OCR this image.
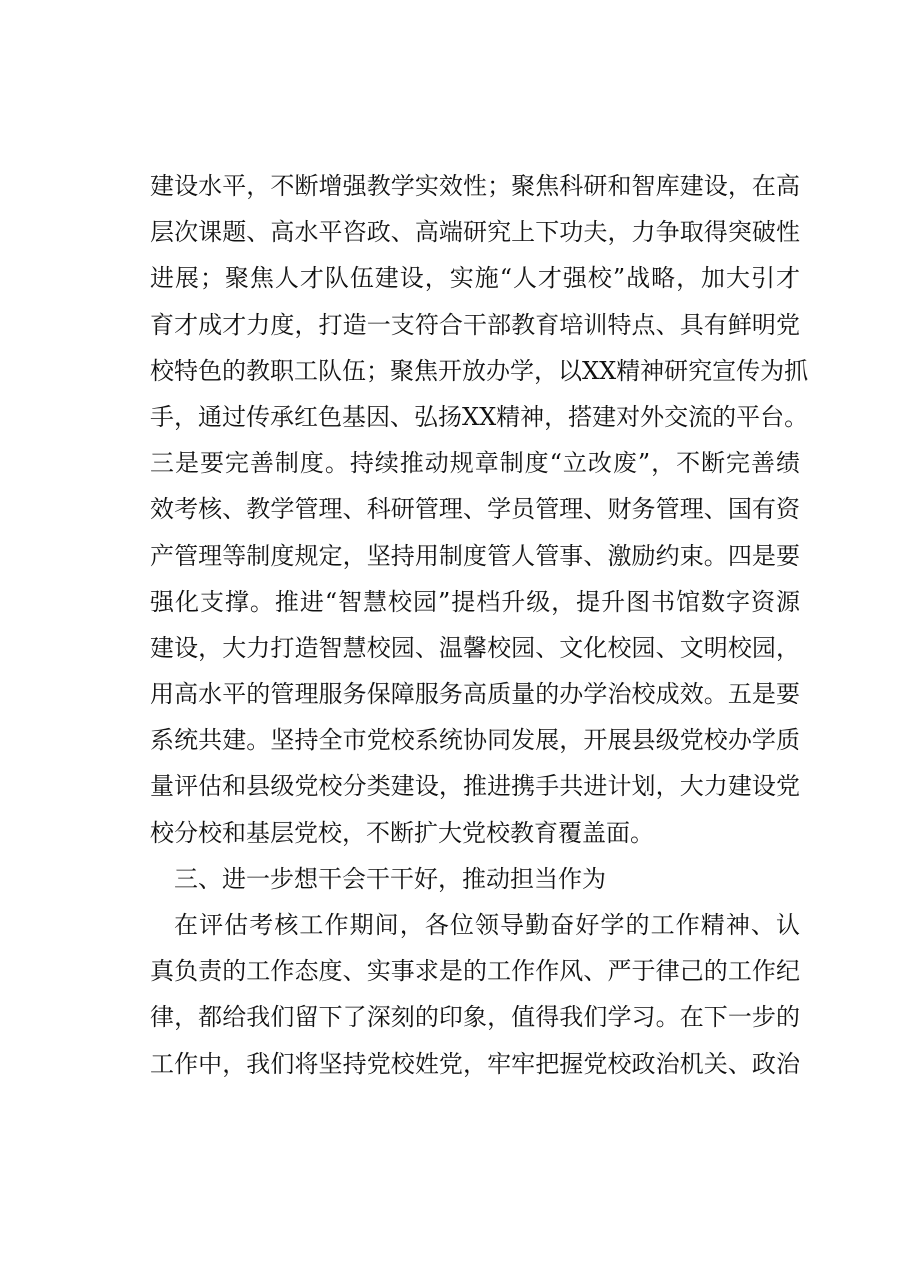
建设水平，不断增强教学实效性；聚焦科研和智库建设，在高
层次课题、高水平咨政、高端研究上下功夫，力争取得突破性
进展；聚焦人才队伍建设，实施“人才强校”战略，加大引才
育才成才力度，打造一支符合干部教育培训特点、具有鲜明党
校特色的教职工队伍；聚焦开放办学，以XX精神研究宣传为抓
手，通过传承红色基因、弘扬XX精神，搭建对外交流的平台。
三是要完善制度。持续推动规章制度“立改废”，不断完善绩
效考核、教学管理、科研管理、学员管理、财务管理、国有资
产管理等制度规定，坚持用制度管人管事、激励约束。四是要
强化支撑。推进“智慧校园”提档升级，提升图书馆数字资源
建设，大力打造智慧校园、温馨校园、文化校园、文明校园，
用高水平的管理服务保障服务高质量的办学治校成效。五是要
系统共建。坚持全市党校系统协同发展，开展县级党校办学质
量评估和县级党校分类建设，推进携手共进计划，大力建设党
校分校和基层党校，不断扩大党校教育覆盖面。
三、进一步想干会干干好，推动担当作为
在评估考核工作期间，各位领导勤奋好学的工作精神、认
真负责的工作态度、实事求是的工作作风、严于律己的工作纪
律，都给我们留下了深刻的印象，值得我们学习。在下一步的
工作中，我们将坚持党校姓党，牢牢把握党校政治机关、政治
